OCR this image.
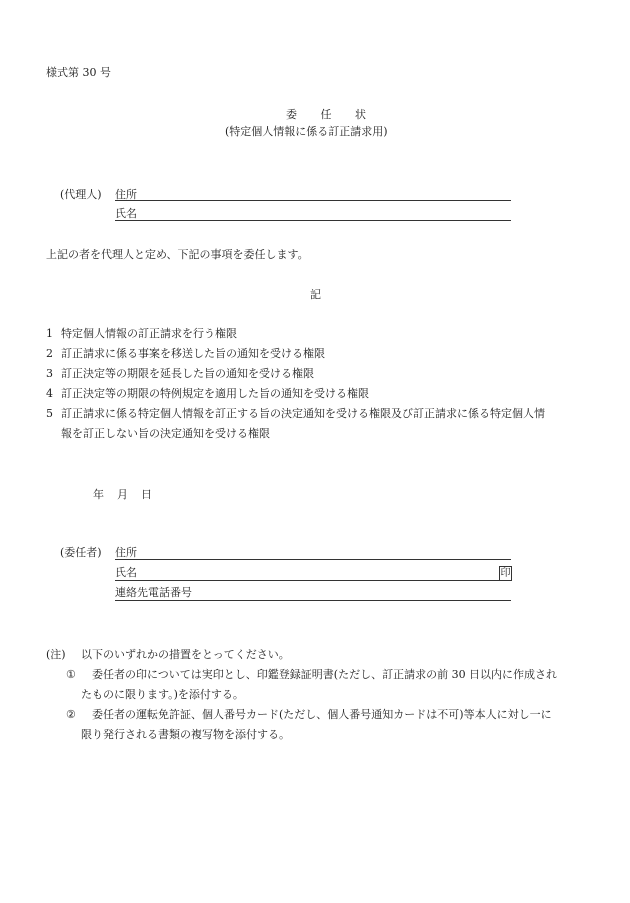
様式第 30 号
委 任 状
(特定個人情報に係る訂正請求用)
(代理人) 住所
氏名
上記の者を代理人と定め、下記の事項を委任します。
記
1 特定個人情報の訂正請求を行う権限
2 訂正請求に係る事案を移送した旨の通知を受ける権限
3 訂正決定等の期限を延長した旨の通知を受ける権限
4 訂正決定等の期限の特例規定を適用した旨の通知を受ける権限
5 訂正請求に係る特定個人情報を訂正する旨の決定通知を受ける権限及び訂正請求に係る特定個人情
報を訂正しない旨の決定通知を受ける権限
年 月 日
(委任者) 住所
氏名	印
連絡先電話番号
(注) 以下のいずれかの措置をとってください。
① 委任者の印については実印とし、印鑑登録証明書(ただし、訂正請求の前 30 日以内に作成され
たものに限ります。)を添付する。
② 委任者の運転免許証、個人番号カード(ただし、個人番号通知カードは不可)等本人に対し一に
限り発行される書類の複写物を添付する。
